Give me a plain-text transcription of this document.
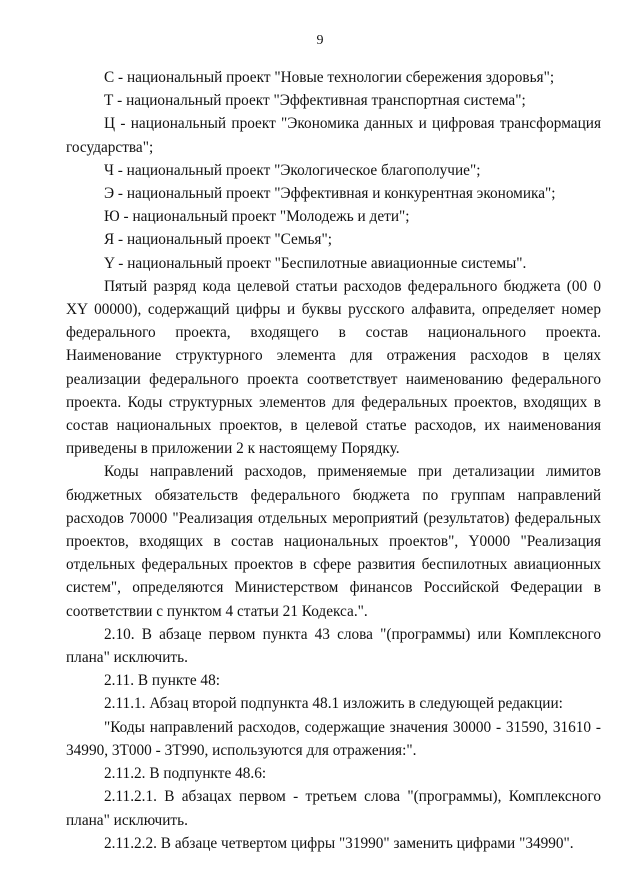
9

С - национальный проект "Новые технологии сбережения здоровья";

Т - национальный проект "Эффективная транспортная система";

Ц - национальный проект "Экономика данных и цифровая трансформация государства";

Ч - национальный проект "Экологическое благополучие";

Э - национальный проект "Эффективная и конкурентная экономика";

Ю - национальный проект "Молодежь и дети";

Я - национальный проект "Семья";

Y - национальный проект "Беспилотные авиационные системы".

Пятый разряд кода целевой статьи расходов федерального бюджета (00 0 XY 00000), содержащий цифры и буквы русского алфавита, определяет номер федерального проекта, входящего в состав национального проекта. Наименование структурного элемента для отражения расходов в целях реализации федерального проекта соответствует наименованию федерального проекта. Коды структурных элементов для федеральных проектов, входящих в состав национальных проектов, в целевой статье расходов, их наименования приведены в приложении 2 к настоящему Порядку.

Коды направлений расходов, применяемые при детализации лимитов бюджетных обязательств федерального бюджета по группам направлений расходов 70000 "Реализация отдельных мероприятий (результатов) федеральных проектов, входящих в состав национальных проектов", Y0000 "Реализация отдельных федеральных проектов в сфере развития беспилотных авиационных систем", определяются Министерством финансов Российской Федерации в соответствии с пунктом 4 статьи 21 Кодекса.".

2.10. В абзаце первом пункта 43 слова "(программы) или Комплексного плана" исключить.

2.11. В пункте 48:

2.11.1. Абзац второй подпункта 48.1 изложить в следующей редакции:

"Коды направлений расходов, содержащие значения 30000 - 31590, 31610 - 34990, 3Т000 - 3Т990, используются для отражения:".

2.11.2. В подпункте 48.6:

2.11.2.1. В абзацах первом - третьем слова "(программы), Комплексного плана" исключить.

2.11.2.2. В абзаце четвертом цифры "31990" заменить цифрами "34990".
